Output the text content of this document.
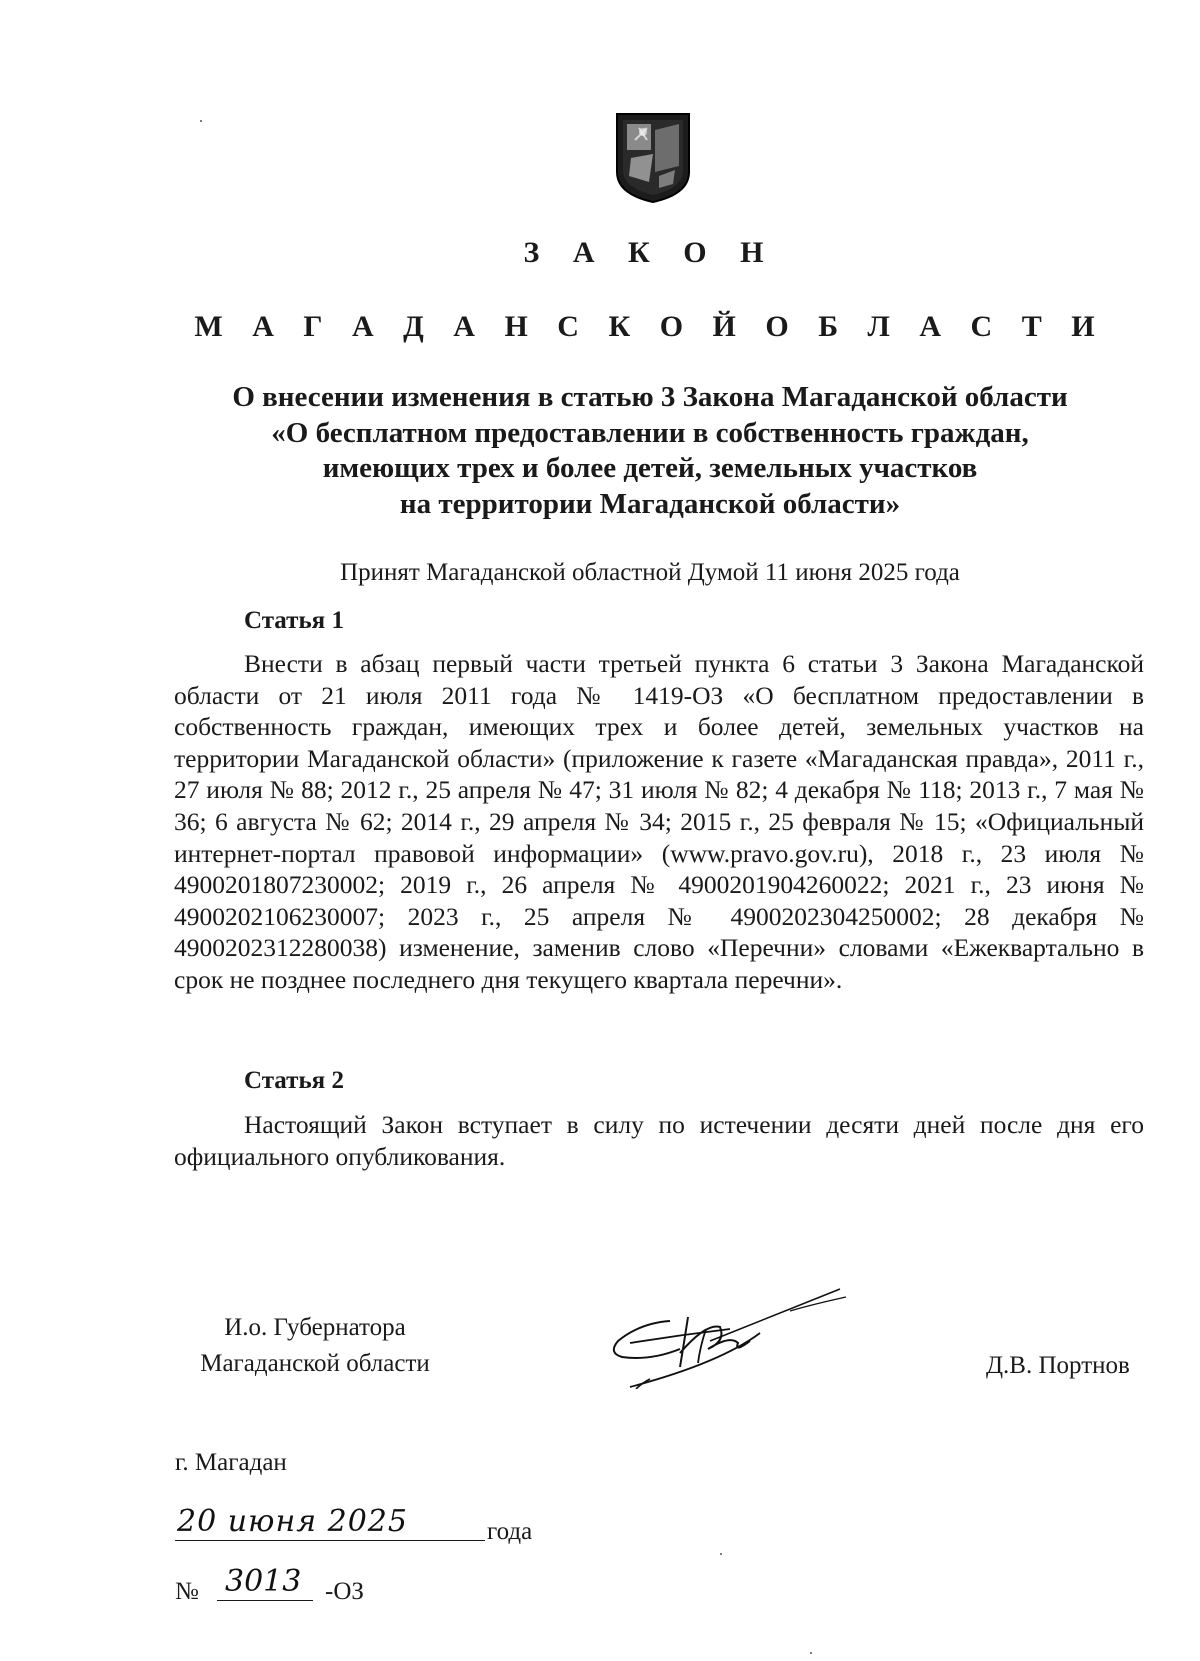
З А К О Н
М А Г А Д А Н С К О Й О Б Л А С Т И
О внесении изменения в статью 3 Закона Магаданской области
«О бесплатном предоставлении в собственность граждан,
имеющих трех и более детей, земельных участков
на территории Магаданской области»
Принят Магаданской областной Думой 11 июня 2025 года
Статья 1
Внести в абзац первый части третьей пункта 6 статьи 3 Закона Магаданской области от 21 июля 2011 года № 1419-ОЗ «О бесплатном предоставлении в собственность граждан, имеющих трех и более детей, земельных участков на территории Магаданской области» (приложение к газете «Магаданская правда», 2011 г., 27 июля № 88; 2012 г., 25 апреля № 47; 31 июля № 82; 4 декабря № 118; 2013 г., 7 мая № 36; 6 августа № 62; 2014 г., 29 апреля № 34; 2015 г., 25 февраля № 15; «Официальный интернет-портал правовой информации» (www.pravo.gov.ru), 2018 г., 23 июля № 4900201807230002; 2019 г., 26 апреля № 4900201904260022; 2021 г., 23 июня № 4900202106230007; 2023 г., 25 апреля № 4900202304250002; 28 декабря № 4900202312280038) изменение, заменив слово «Перечни» словами «Ежеквартально в срок не позднее последнего дня текущего квартала перечни».
Статья 2
Настоящий Закон вступает в силу по истечении десяти дней после дня его официального опубликования.
И.о. Губернатора
Магаданской области	Д.В. Портнов
г. Магадан
20 июня 2025	года
№ 3013 -ОЗ
